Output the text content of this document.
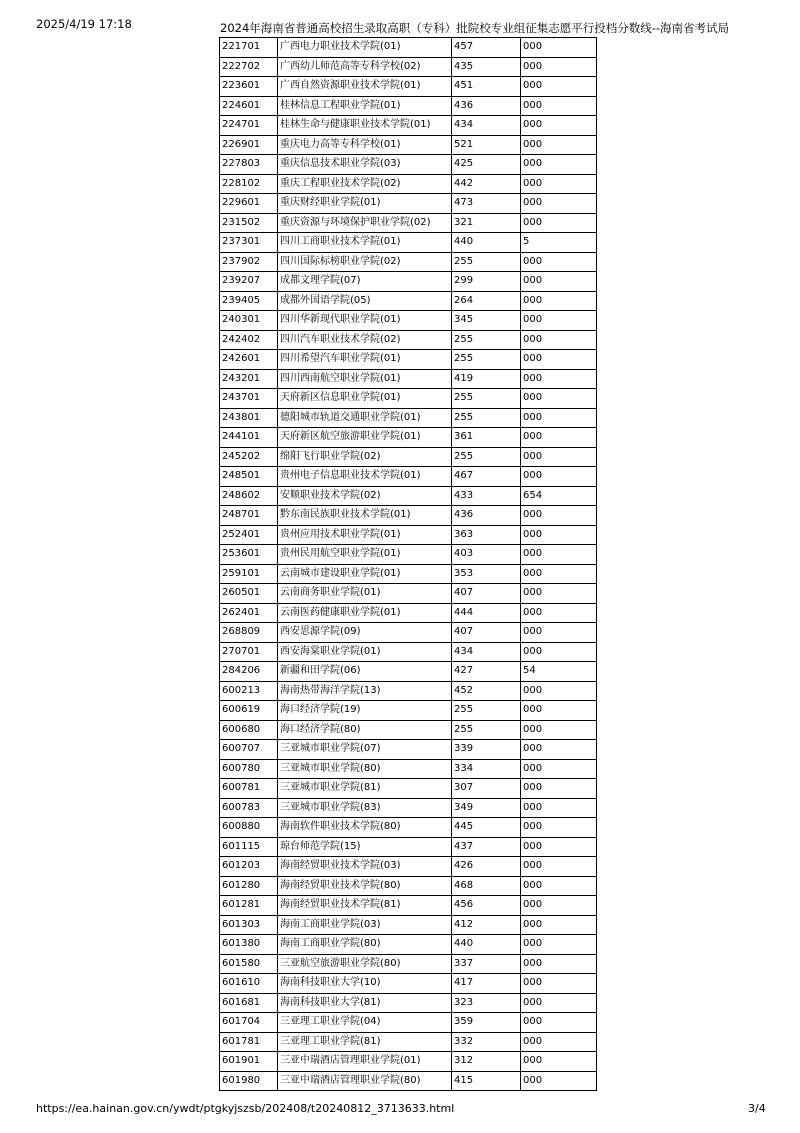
2025/4/19 17:18	2024年海南省普通高校招生录取高职（专科）批院校专业组征集志愿平行投档分数线--海南省考试局
221701	广西电力职业技术学院(01)	457	000
222702	广西幼儿师范高等专科学校(02)	435	000
223601	广西自然资源职业技术学院(01)	451	000
224601	桂林信息工程职业学院(01)	436	000
224701	桂林生命与健康职业技术学院(01)	434	000
226901	重庆电力高等专科学校(01)	521	000
227803	重庆信息技术职业学院(03)	425	000
228102	重庆工程职业技术学院(02)	442	000
229601	重庆财经职业学院(01)	473	000
231502	重庆资源与环境保护职业学院(02)	321	000
237301	四川工商职业技术学院(01)	440	5
237902	四川国际标榜职业学院(02)	255	000
239207	成都文理学院(07)	299	000
239405	成都外国语学院(05)	264	000
240301	四川华新现代职业学院(01)	345	000
242402	四川汽车职业技术学院(02)	255	000
242601	四川希望汽车职业学院(01)	255	000
243201	四川西南航空职业学院(01)	419	000
243701	天府新区信息职业学院(01)	255	000
243801	德阳城市轨道交通职业学院(01)	255	000
244101	天府新区航空旅游职业学院(01)	361	000
245202	绵阳飞行职业学院(02)	255	000
248501	贵州电子信息职业技术学院(01)	467	000
248602	安顺职业技术学院(02)	433	654
248701	黔东南民族职业技术学院(01)	436	000
252401	贵州应用技术职业学院(01)	363	000
253601	贵州民用航空职业学院(01)	403	000
259101	云南城市建设职业学院(01)	353	000
260501	云南商务职业学院(01)	407	000
262401	云南医药健康职业学院(01)	444	000
268809	西安思源学院(09)	407	000
270701	西安海棠职业学院(01)	434	000
284206	新疆和田学院(06)	427	54
600213	海南热带海洋学院(13)	452	000
600619	海口经济学院(19)	255	000
600680	海口经济学院(80)	255	000
600707	三亚城市职业学院(07)	339	000
600780	三亚城市职业学院(80)	334	000
600781	三亚城市职业学院(81)	307	000
600783	三亚城市职业学院(83)	349	000
600880	海南软件职业技术学院(80)	445	000
601115	琼台师范学院(15)	437	000
601203	海南经贸职业技术学院(03)	426	000
601280	海南经贸职业技术学院(80)	468	000
601281	海南经贸职业技术学院(81)	456	000
601303	海南工商职业学院(03)	412	000
601380	海南工商职业学院(80)	440	000
601580	三亚航空旅游职业学院(80)	337	000
601610	海南科技职业大学(10)	417	000
601681	海南科技职业大学(81)	323	000
601704	三亚理工职业学院(04)	359	000
601781	三亚理工职业学院(81)	332	000
601901	三亚中瑞酒店管理职业学院(01)	312	000
601980	三亚中瑞酒店管理职业学院(80)	415	000
https://ea.hainan.gov.cn/ywdt/ptgkyjszsb/202408/t20240812_3713633.html	3/4
